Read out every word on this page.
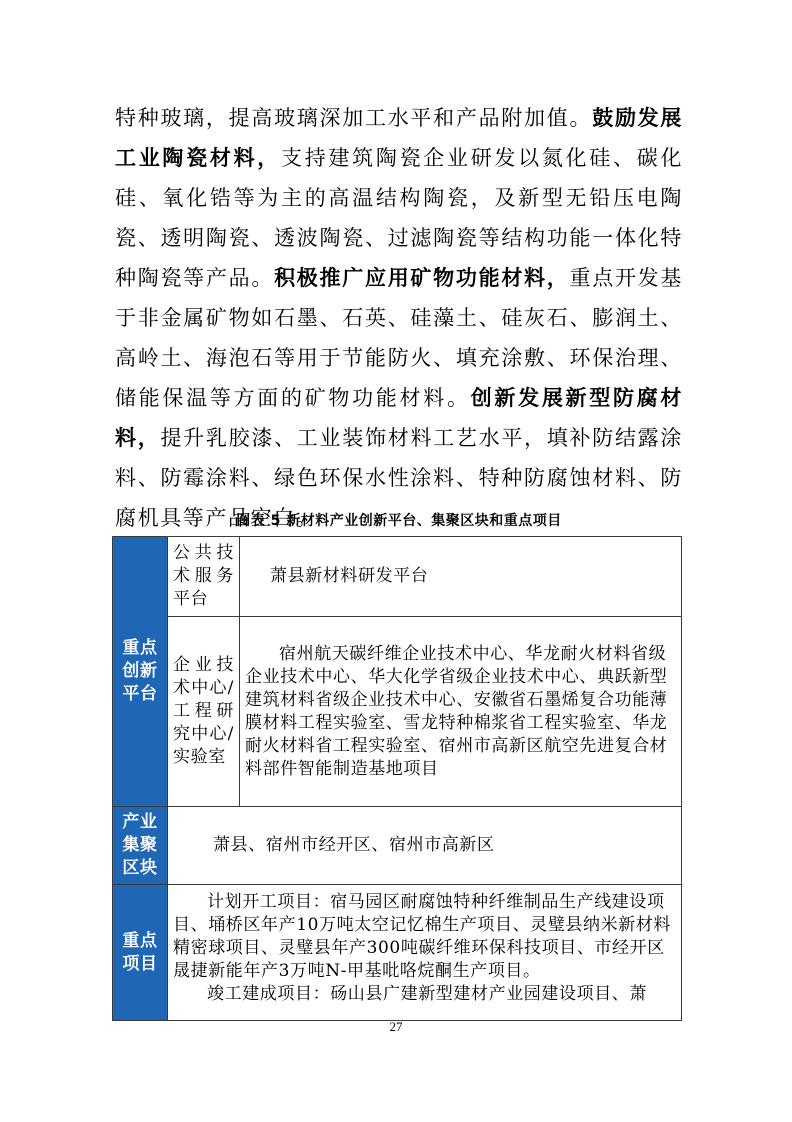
特种玻璃，提高玻璃深加工水平和产品附加值。鼓励发展工业陶瓷材料，支持建筑陶瓷企业研发以氮化硅、碳化硅、氧化锆等为主的高温结构陶瓷，及新型无铅压电陶瓷、透明陶瓷、透波陶瓷、过滤陶瓷等结构功能一体化特种陶瓷等产品。积极推广应用矿物功能材料，重点开发基于非金属矿物如石墨、石英、硅藻土、硅灰石、膨润土、高岭土、海泡石等用于节能防火、填充涂敷、环保治理、储能保温等方面的矿物功能材料。创新发展新型防腐材料，提升乳胶漆、工业装饰材料工艺水平，填补防结露涂料、防霉涂料、绿色环保水性涂料、特种防腐蚀材料、防腐机具等产品空白。

图表 5 新材料产业创新平台、集聚区块和重点项目
重点创新平台	公共技术服务平台	萧县新材料研发平台
	企业技术中心/工程研究中心/实验室	宿州航天碳纤维企业技术中心、华龙耐火材料省级企业技术中心、华大化学省级企业技术中心、典跃新型建筑材料省级企业技术中心、安徽省石墨烯复合功能薄膜材料工程实验室、雪龙特种棉浆省工程实验室、华龙耐火材料省工程实验室、宿州市高新区航空先进复合材料部件智能制造基地项目

产业集聚区块	萧县、宿州市经开区、宿州市高新区	
重点项目	计划开工项目：宿马园区耐腐蚀特种纤维制品生产线建设项目、埇桥区年产10万吨太空记忆棉生产项目、灵璧县纳米新材料精密球项目、灵璧县年产300吨碳纤维环保科技项目、市经开区晟捷新能年产3万吨N-甲基吡咯烷酮生产项目。
竣工建成项目：砀山县广建新型建材产业园建设项目、萧	
27
